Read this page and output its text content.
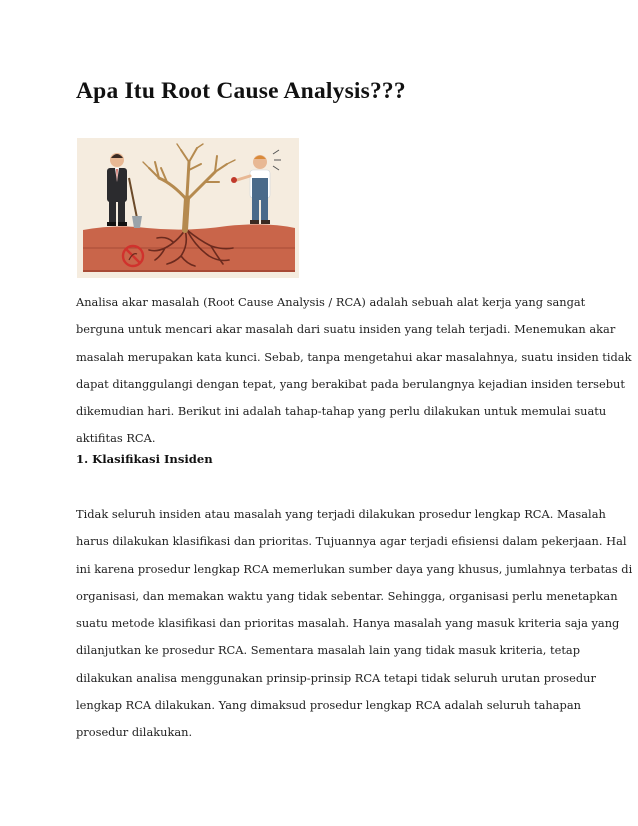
Apa Itu Root Cause Analysis???
Analisa akar masalah (Root Cause Analysis / RCA) adalah sebuah alat kerja yang sangat
berguna untuk mencari akar masalah dari suatu insiden yang telah terjadi. Menemukan akar
masalah merupakan kata kunci. Sebab, tanpa mengetahui akar masalahnya, suatu insiden tidak
dapat ditanggulangi dengan tepat, yang berakibat pada berulangnya kejadian insiden tersebut
dikemudian hari. Berikut ini adalah tahap-tahap yang perlu dilakukan untuk memulai suatu
aktifitas RCA.
1. Klasifikasi Insiden
Tidak seluruh insiden atau masalah yang terjadi dilakukan prosedur lengkap RCA. Masalah
harus dilakukan klasifikasi dan prioritas. Tujuannya agar terjadi efisiensi dalam pekerjaan. Hal
ini karena prosedur lengkap RCA memerlukan sumber daya yang khusus, jumlahnya terbatas di
organisasi, dan memakan waktu yang tidak sebentar. Sehingga, organisasi perlu menetapkan
suatu metode klasifikasi dan prioritas masalah. Hanya masalah yang masuk kriteria saja yang
dilanjutkan ke prosedur RCA. Sementara masalah lain yang tidak masuk kriteria, tetap
dilakukan analisa menggunakan prinsip-prinsip RCA tetapi tidak seluruh urutan prosedur
lengkap RCA dilakukan. Yang dimaksud prosedur lengkap RCA adalah seluruh tahapan
prosedur dilakukan.
